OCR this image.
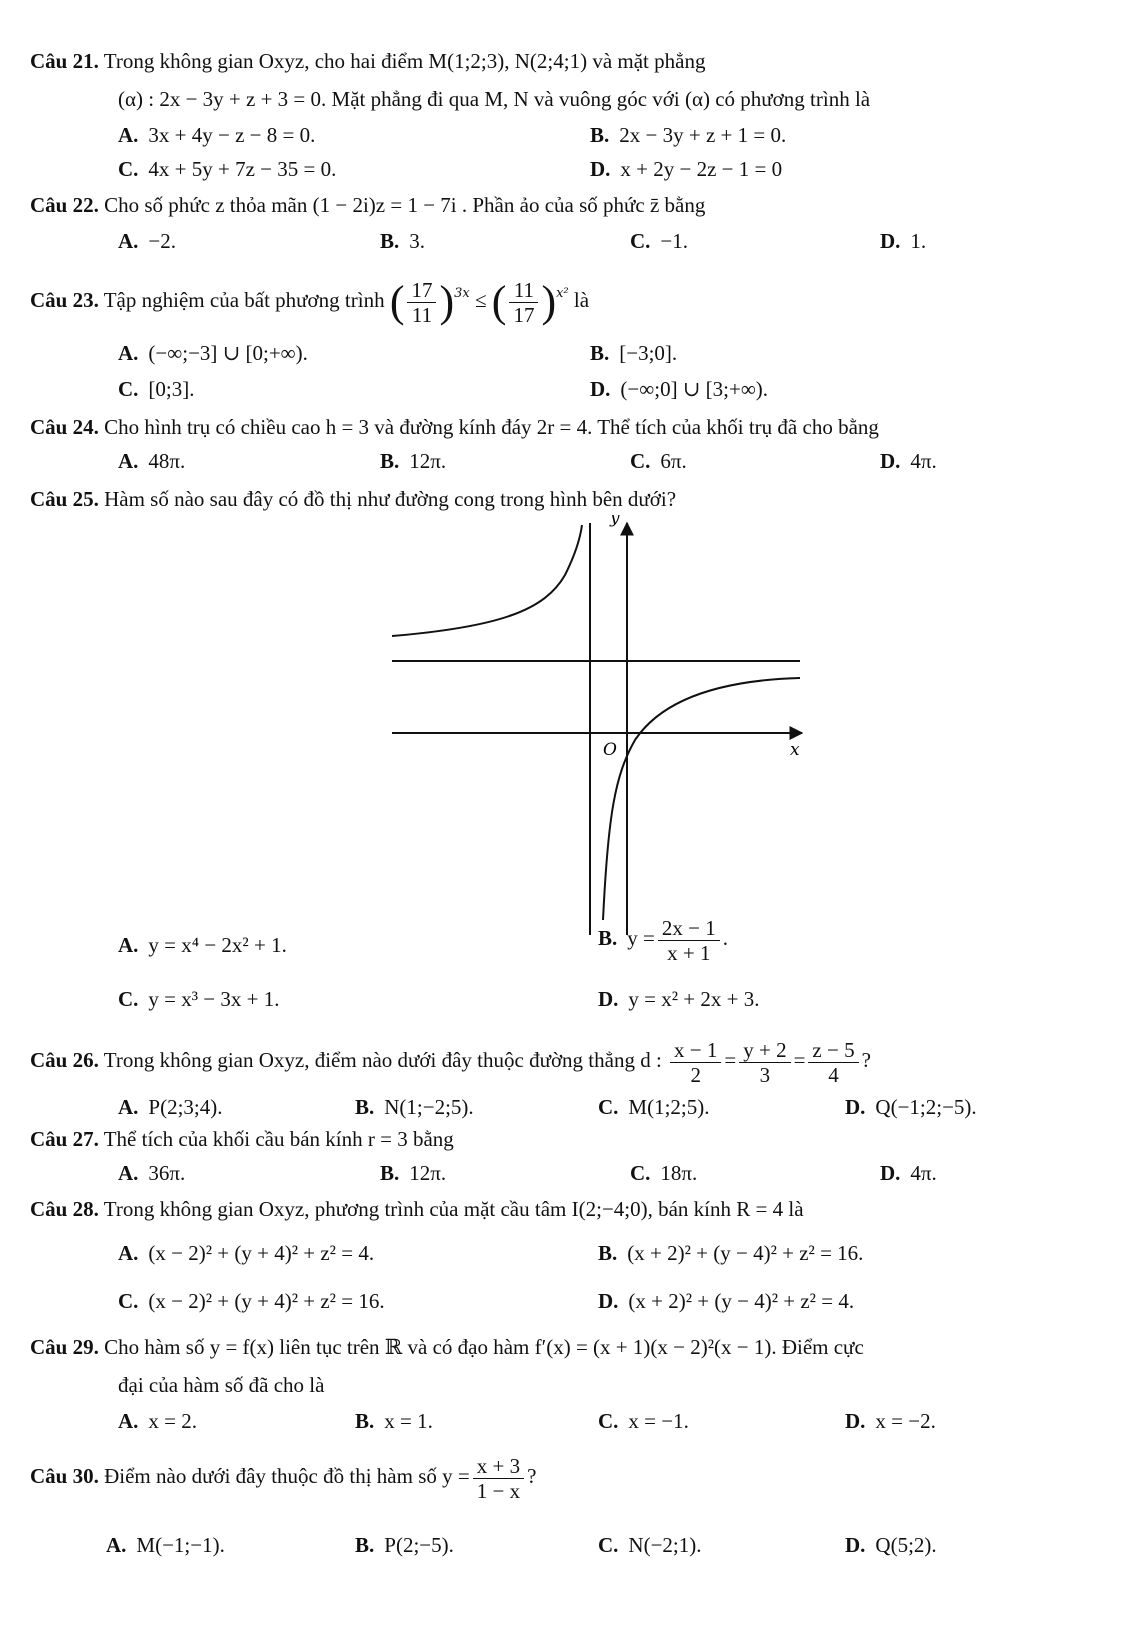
Câu 21. Trong không gian Oxyz, cho hai điểm M(1;2;3), N(2;4;1) và mặt phẳng
(α) : 2x − 3y + z + 3 = 0. Mặt phẳng đi qua M, N và vuông góc với (α) có phương trình là
A. 3x + 4y − z − 8 = 0.	B. 2x − 3y + z + 1 = 0.
C. 4x + 5y + 7z − 35 = 0.	D. x + 2y − 2z − 1 = 0
Câu 22. Cho số phức z thỏa mãn (1 − 2i)z = 1 − 7i . Phần ảo của số phức z̄ bằng
A. −2.	B. 3.	C. −1.	D. 1.
Câu 23. Tập nghiệm của bất phương trình ( $\frac{17}{11} )^{3x}$ ≤ ( $\frac{11}{17} )^{x^2}$ là
A. (−∞;−3] ∪ [0;+∞).	B. [−3;0].
C. [0;3].	D. (−∞;0] ∪ [3;+∞).
Câu 24. Cho hình trụ có chiều cao h = 3 và đường kính đáy 2r = 4. Thể tích của khối trụ đã cho bằng
A. 48π.	B. 12π.	C. 6π.	D. 4π.
Câu 25. Hàm số nào sau đây có đồ thị như đường cong trong hình bên dưới?
y
x
O
A. y = x⁴ − 2x² + 1.	B. $y = \frac{2x - 1}{x + 1}$ .
C. y = x³ − 3x + 1.	D. y = x² + 2x + 3.
Câu 26. Trong không gian Oxyz, điểm nào dưới đây thuộc đường thẳng d : $\frac{x - 1}{2} = \frac{y + 2}{3} = \frac{z - 5}{4}$ ?
A. P(2;3;4).	B. N(1;−2;5).	C. M(1;2;5).	D. Q(−1;2;−5).
Câu 27. Thể tích của khối cầu bán kính r = 3 bằng
A. 36π.	B. 12π.	C. 18π.	D. 4π.
Câu 28. Trong không gian Oxyz, phương trình của mặt cầu tâm I(2;−4;0), bán kính R = 4 là
A. (x − 2)² + (y + 4)² + z² = 4.	B. (x + 2)² + (y − 4)² + z² = 16.
C. (x − 2)² + (y + 4)² + z² = 16.	D. (x + 2)² + (y − 4)² + z² = 4.
Câu 29. Cho hàm số y = f(x) liên tục trên ℝ và có đạo hàm f′(x) = (x + 1)(x − 2)²(x − 1). Điểm cực
đại của hàm số đã cho là
A. x = 2.	B. x = 1.	C. x = −1.	D. x = −2.
Câu 30. Điểm nào dưới đây thuộc đồ thị hàm số $y = \frac{x + 3}{1 - x}$ ?
A. M(−1;−1).	B. P(2;−5).	C. N(−2;1).	D. Q(5;2).
